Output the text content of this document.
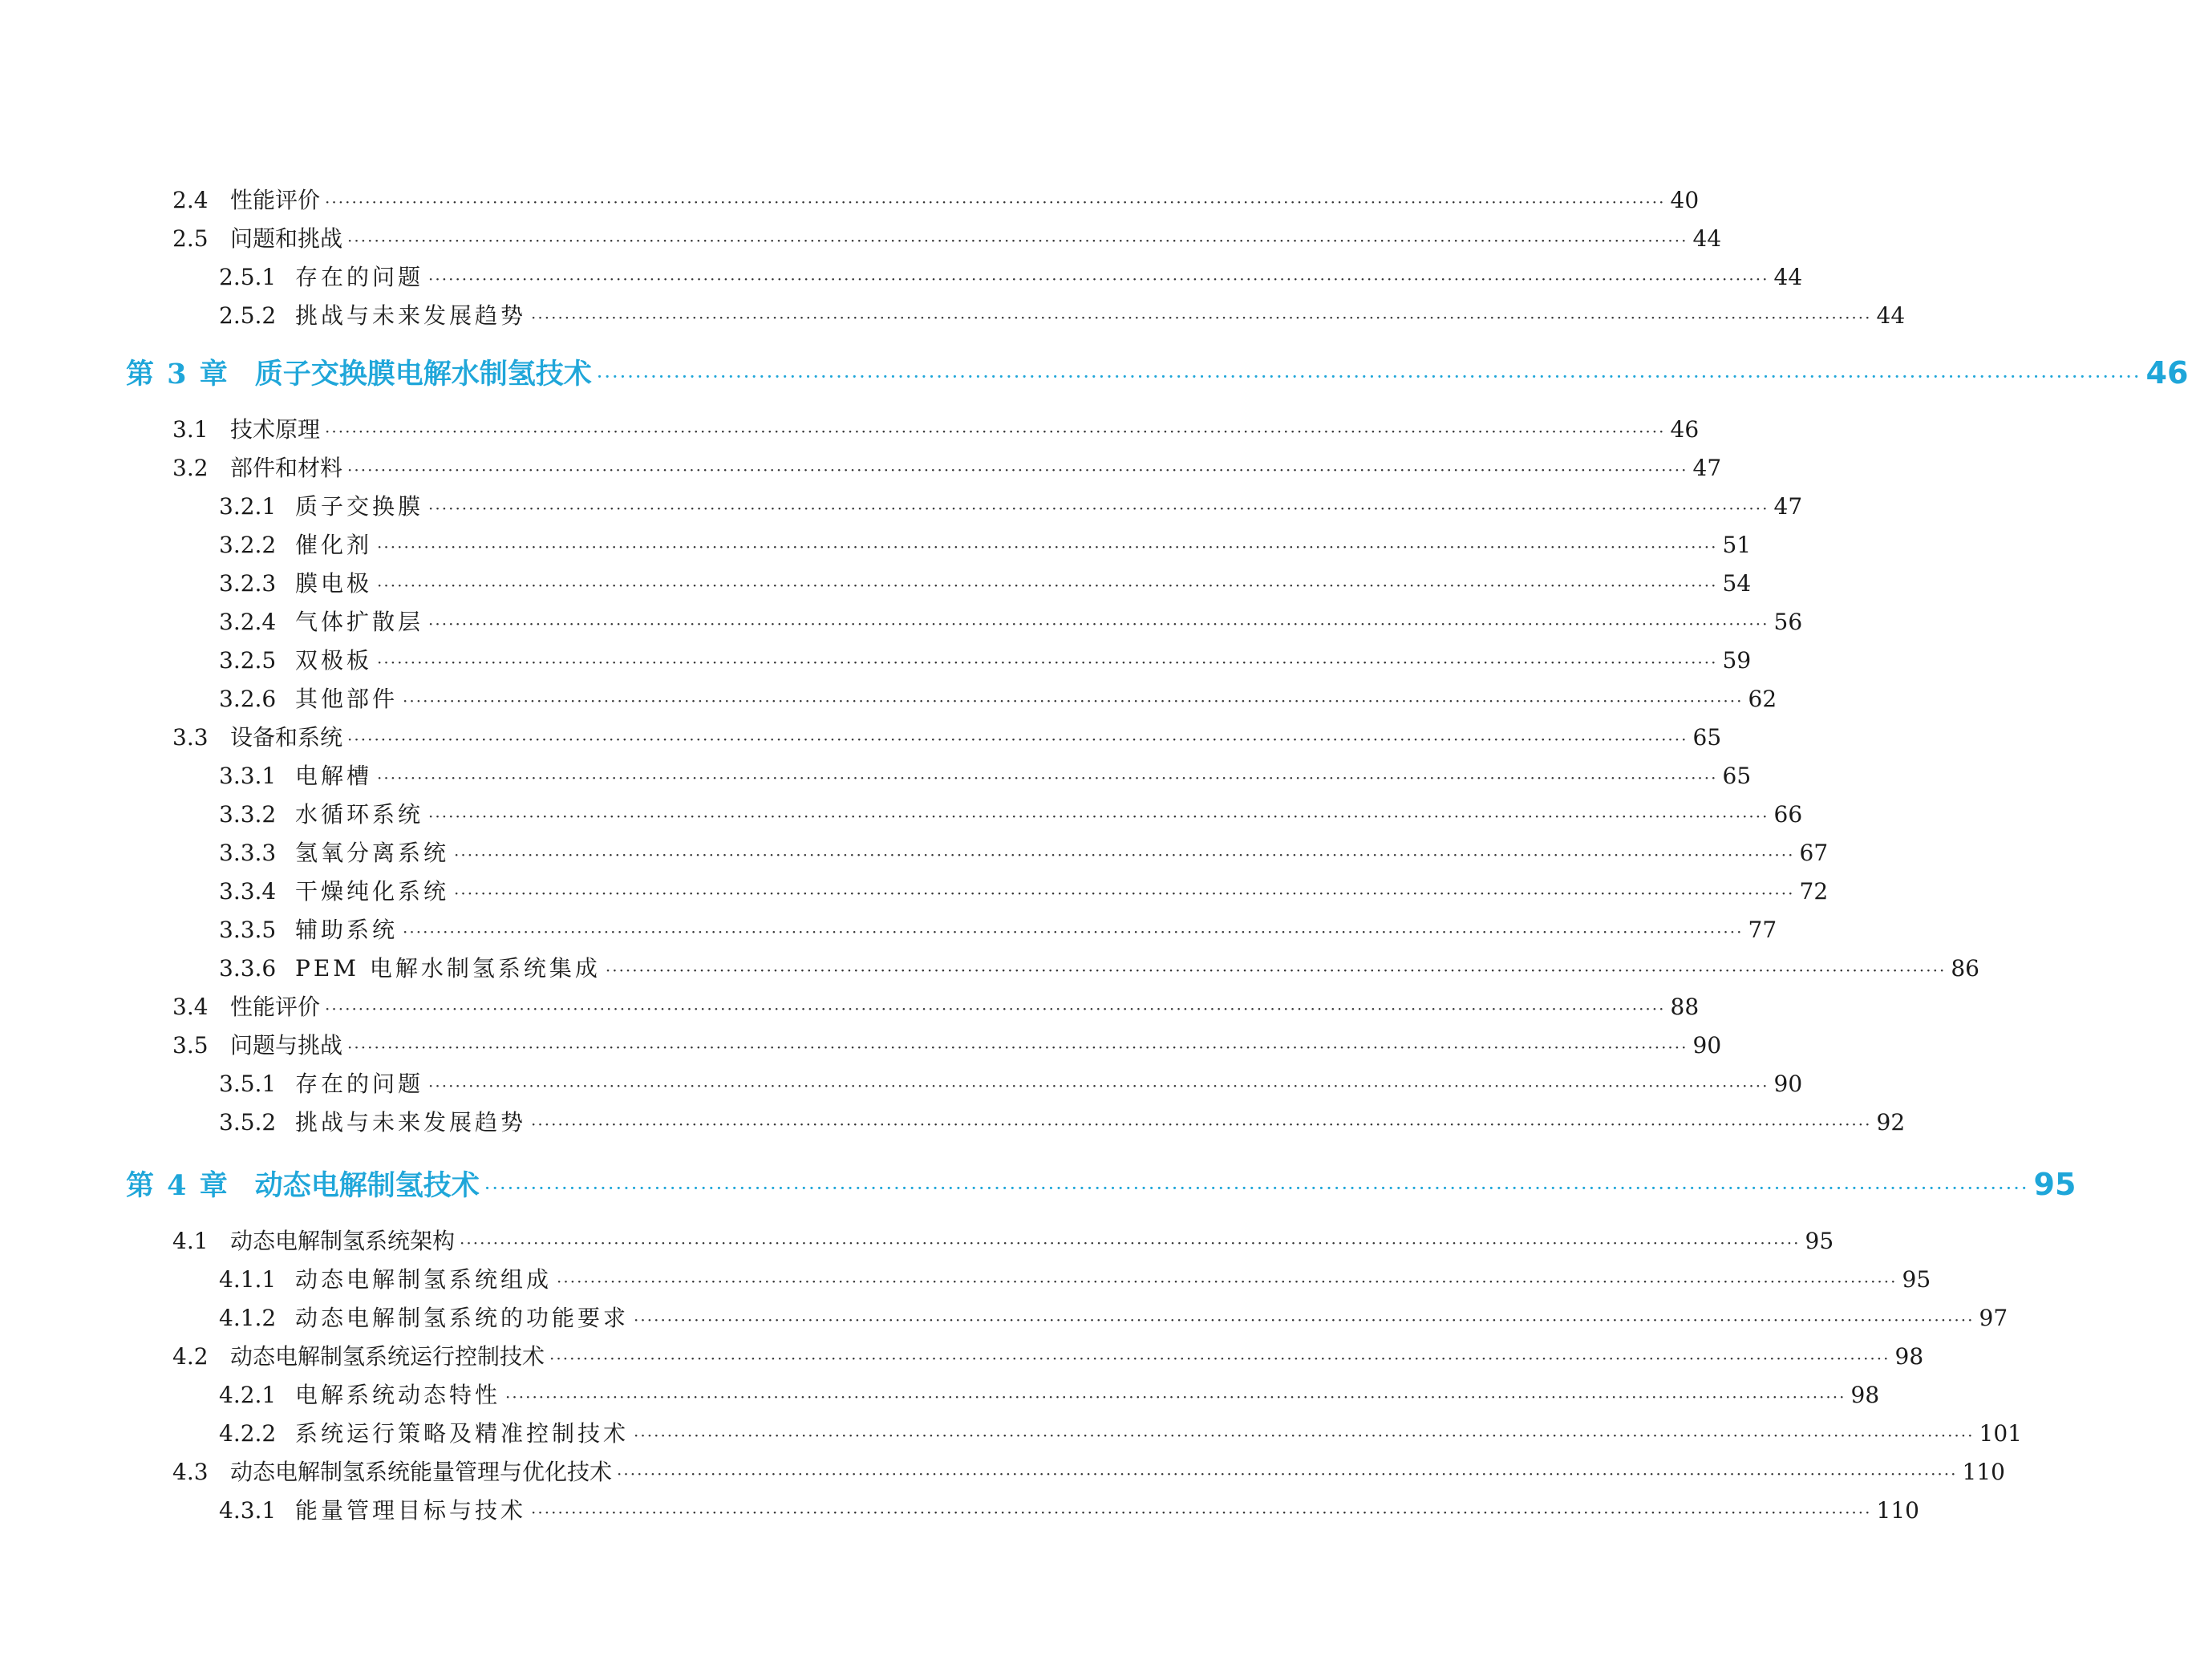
2.4 性能评价 ········································································································································································································ 40
2.5 问题和挑战 ········································································································································································································ 44
2.5.1 存在的问题 ········································································································································································································ 44
2.5.2 挑战与未来发展趋势 ········································································································································································································ 44
第 3 章 质子交换膜电解水制氢技术 ········································································································································································································ 46
3.1 技术原理 ········································································································································································································ 46
3.2 部件和材料 ········································································································································································································ 47
3.2.1 质子交换膜 ········································································································································································································ 47
3.2.2 催化剂 ········································································································································································································ 51
3.2.3 膜电极 ········································································································································································································ 54
3.2.4 气体扩散层 ········································································································································································································ 56
3.2.5 双极板 ········································································································································································································ 59
3.2.6 其他部件 ········································································································································································································ 62
3.3 设备和系统 ········································································································································································································ 65
3.3.1 电解槽 ········································································································································································································ 65
3.3.2 水循环系统 ········································································································································································································ 66
3.3.3 氢氧分离系统 ········································································································································································································ 67
3.3.4 干燥纯化系统 ········································································································································································································ 72
3.3.5 辅助系统 ········································································································································································································ 77
3.3.6 PEM 电解水制氢系统集成 ········································································································································································································ 86
3.4 性能评价 ········································································································································································································ 88
3.5 问题与挑战 ········································································································································································································ 90
3.5.1 存在的问题 ········································································································································································································ 90
3.5.2 挑战与未来发展趋势 ········································································································································································································ 92
第 4 章 动态电解制氢技术 ········································································································································································································ 95
4.1 动态电解制氢系统架构 ········································································································································································································ 95
4.1.1 动态电解制氢系统组成 ········································································································································································································ 95
4.1.2 动态电解制氢系统的功能要求 ········································································································································································································ 97
4.2 动态电解制氢系统运行控制技术 ········································································································································································································ 98
4.2.1 电解系统动态特性 ········································································································································································································ 98
4.2.2 系统运行策略及精准控制技术 ········································································································································································································ 101
4.3 动态电解制氢系统能量管理与优化技术 ········································································································································································································ 110
4.3.1 能量管理目标与技术 ········································································································································································································ 110
